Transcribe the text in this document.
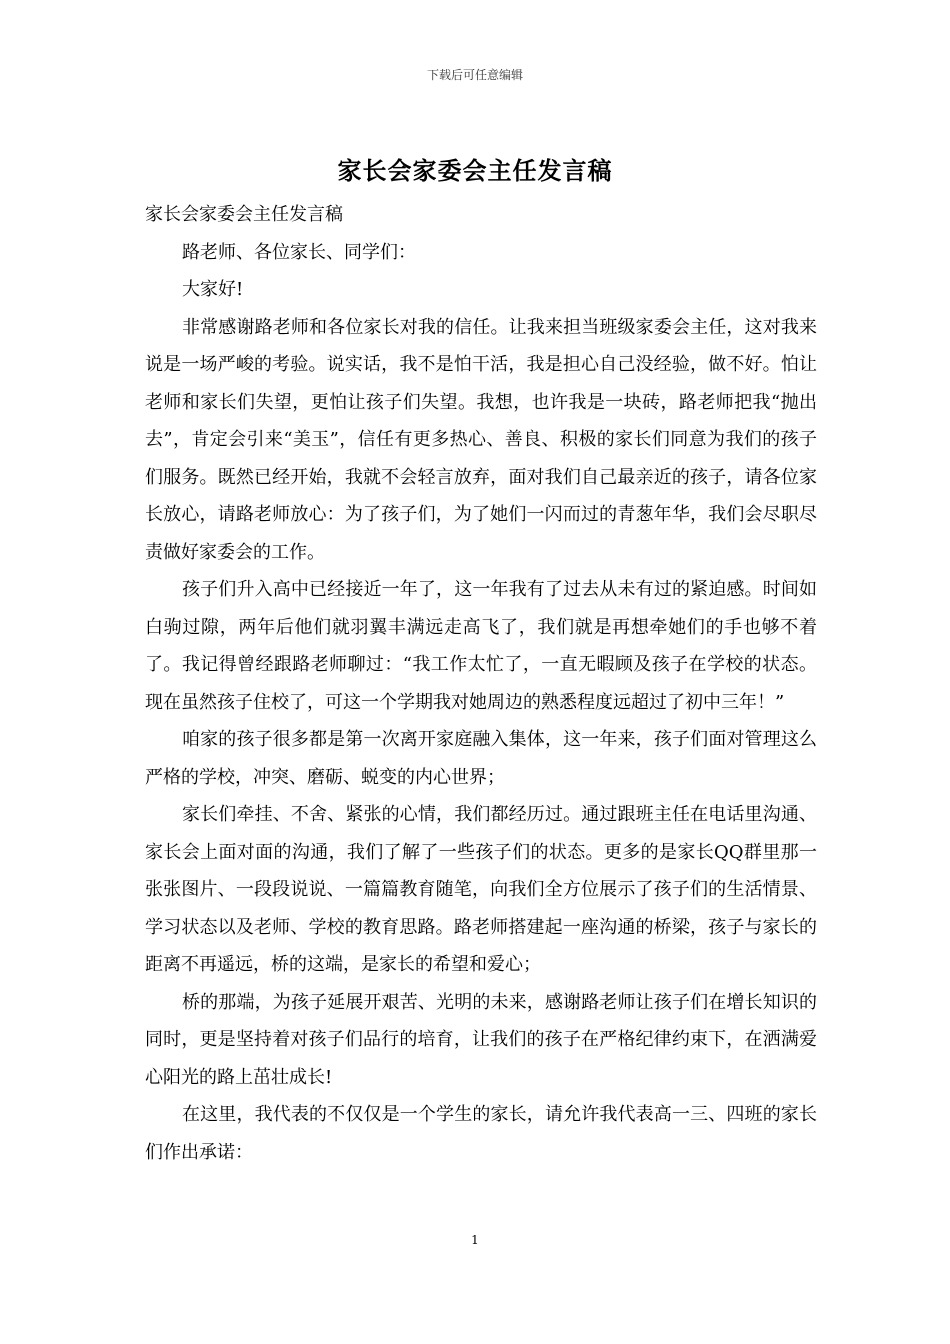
下载后可任意编辑
家长会家委会主任发言稿

家长会家委会主任发言稿

路老师、各位家长、同学们：

大家好!

非常感谢路老师和各位家长对我的信任。让我来担当班级家委会主任，这对我来说是一场严峻的考验。说实话，我不是怕干活，我是担心自己没经验，做不好。怕让老师和家长们失望，更怕让孩子们失望。我想，也许我是一块砖，路老师把我“抛出去”，肯定会引来“美玉”，信任有更多热心、善良、积极的家长们同意为我们的孩子们服务。既然已经开始，我就不会轻言放弃，面对我们自己最亲近的孩子，请各位家长放心，请路老师放心：为了孩子们，为了她们一闪而过的青葱年华，我们会尽职尽责做好家委会的工作。

孩子们升入高中已经接近一年了，这一年我有了过去从未有过的紧迫感。时间如白驹过隙，两年后他们就羽翼丰满远走高飞了，我们就是再想牵她们的手也够不着了。我记得曾经跟路老师聊过：“我工作太忙了，一直无暇顾及孩子在学校的状态。现在虽然孩子住校了，可这一个学期我对她周边的熟悉程度远超过了初中三年！”

咱家的孩子很多都是第一次离开家庭融入集体，这一年来，孩子们面对管理这么严格的学校，冲突、磨砺、蜕变的内心世界；

家长们牵挂、不舍、紧张的心情，我们都经历过。通过跟班主任在电话里沟通、家长会上面对面的沟通，我们了解了一些孩子们的状态。更多的是家长QQ群里那一张张图片、一段段说说、一篇篇教育随笔，向我们全方位展示了孩子们的生活情景、学习状态以及老师、学校的教育思路。路老师搭建起一座沟通的桥梁，孩子与家长的距离不再遥远，桥的这端，是家长的希望和爱心；

桥的那端，为孩子延展开艰苦、光明的未来，感谢路老师让孩子们在增长知识的同时，更是坚持着对孩子们品行的培育，让我们的孩子在严格纪律约束下，在洒满爱心阳光的路上茁壮成长!

在这里，我代表的不仅仅是一个学生的家长，请允许我代表高一三、四班的家长们作出承诺：

1
